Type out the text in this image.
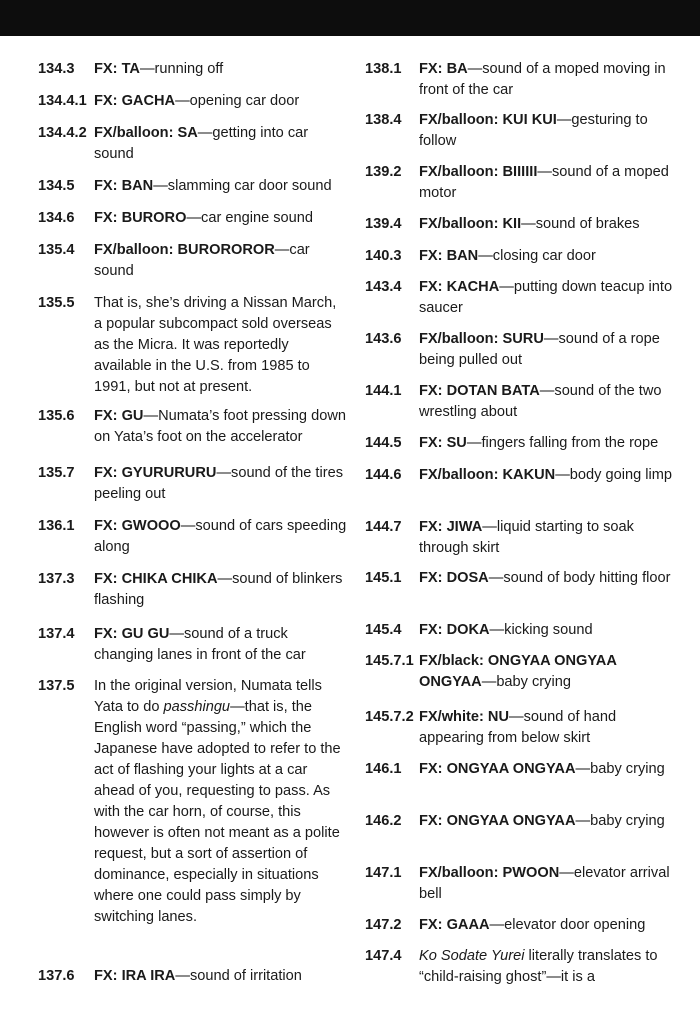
134.3	FX: TA—running off
134.4.1 FX: GACHA—opening car door
134.4.2 FX/balloon: SA—getting into car sound
134.5	FX: BAN—slamming car door sound
134.6	FX: BURORO—car engine sound
135.4	FX/balloon: BUROROROR—car sound
135.5	That is, she’s driving a Nissan March, a popular subcompact sold overseas as the Micra. It was reportedly available in the U.S. from 1985 to 1991, but not at present.
135.6	FX: GU—Numata’s foot pressing down on Yata’s foot on the accelerator
135.7	FX: GYURURURU—sound of the tires peeling out
136.1	FX: GWOOO—sound of cars speeding along
137.3	FX: CHIKA CHIKA—sound of blinkers flashing
137.4	FX: GU GU—sound of a truck changing lanes in front of the car
137.5	In the original version, Numata tells Yata to do passhingu—that is, the English word “passing,” which the Japanese have adopted to refer to the act of flashing your lights at a car ahead of you, requesting to pass. As with the car horn, of course, this however is often not meant as a polite request, but a sort of assertion of dominance, especially in situations where one could pass simply by switching lanes.
137.6	FX: IRA IRA—sound of irritation
138.1	FX: BA—sound of a moped moving in front of the car
138.4	FX/balloon: KUI KUI—gesturing to follow
139.2	FX/balloon: BIIIIII—sound of a moped motor
139.4	FX/balloon: KII—sound of brakes
140.3	FX: BAN—closing car door
143.4	FX: KACHA—putting down teacup into saucer
143.6	FX/balloon: SURU—sound of a rope being pulled out
144.1	FX: DOTAN BATA—sound of the two wrestling about
144.5	FX: SU—fingers falling from the rope
144.6	FX/balloon: KAKUN—body going limp
144.7	FX: JIWA—liquid starting to soak through skirt
145.1	FX: DOSA—sound of body hitting floor
145.4	FX: DOKA—kicking sound
145.7.1 FX/black: ONGYAA ONGYAA ONGYAA—baby crying
145.7.2 FX/white: NU—sound of hand appearing from below skirt
146.1	FX: ONGYAA ONGYAA—baby crying
146.2	FX: ONGYAA ONGYAA—baby crying
147.1	FX/balloon: PWOON—elevator arrival bell
147.2	FX: GAAA—elevator door opening
147.4	Ko Sodate Yurei literally translates to “child-raising ghost”—it is a
